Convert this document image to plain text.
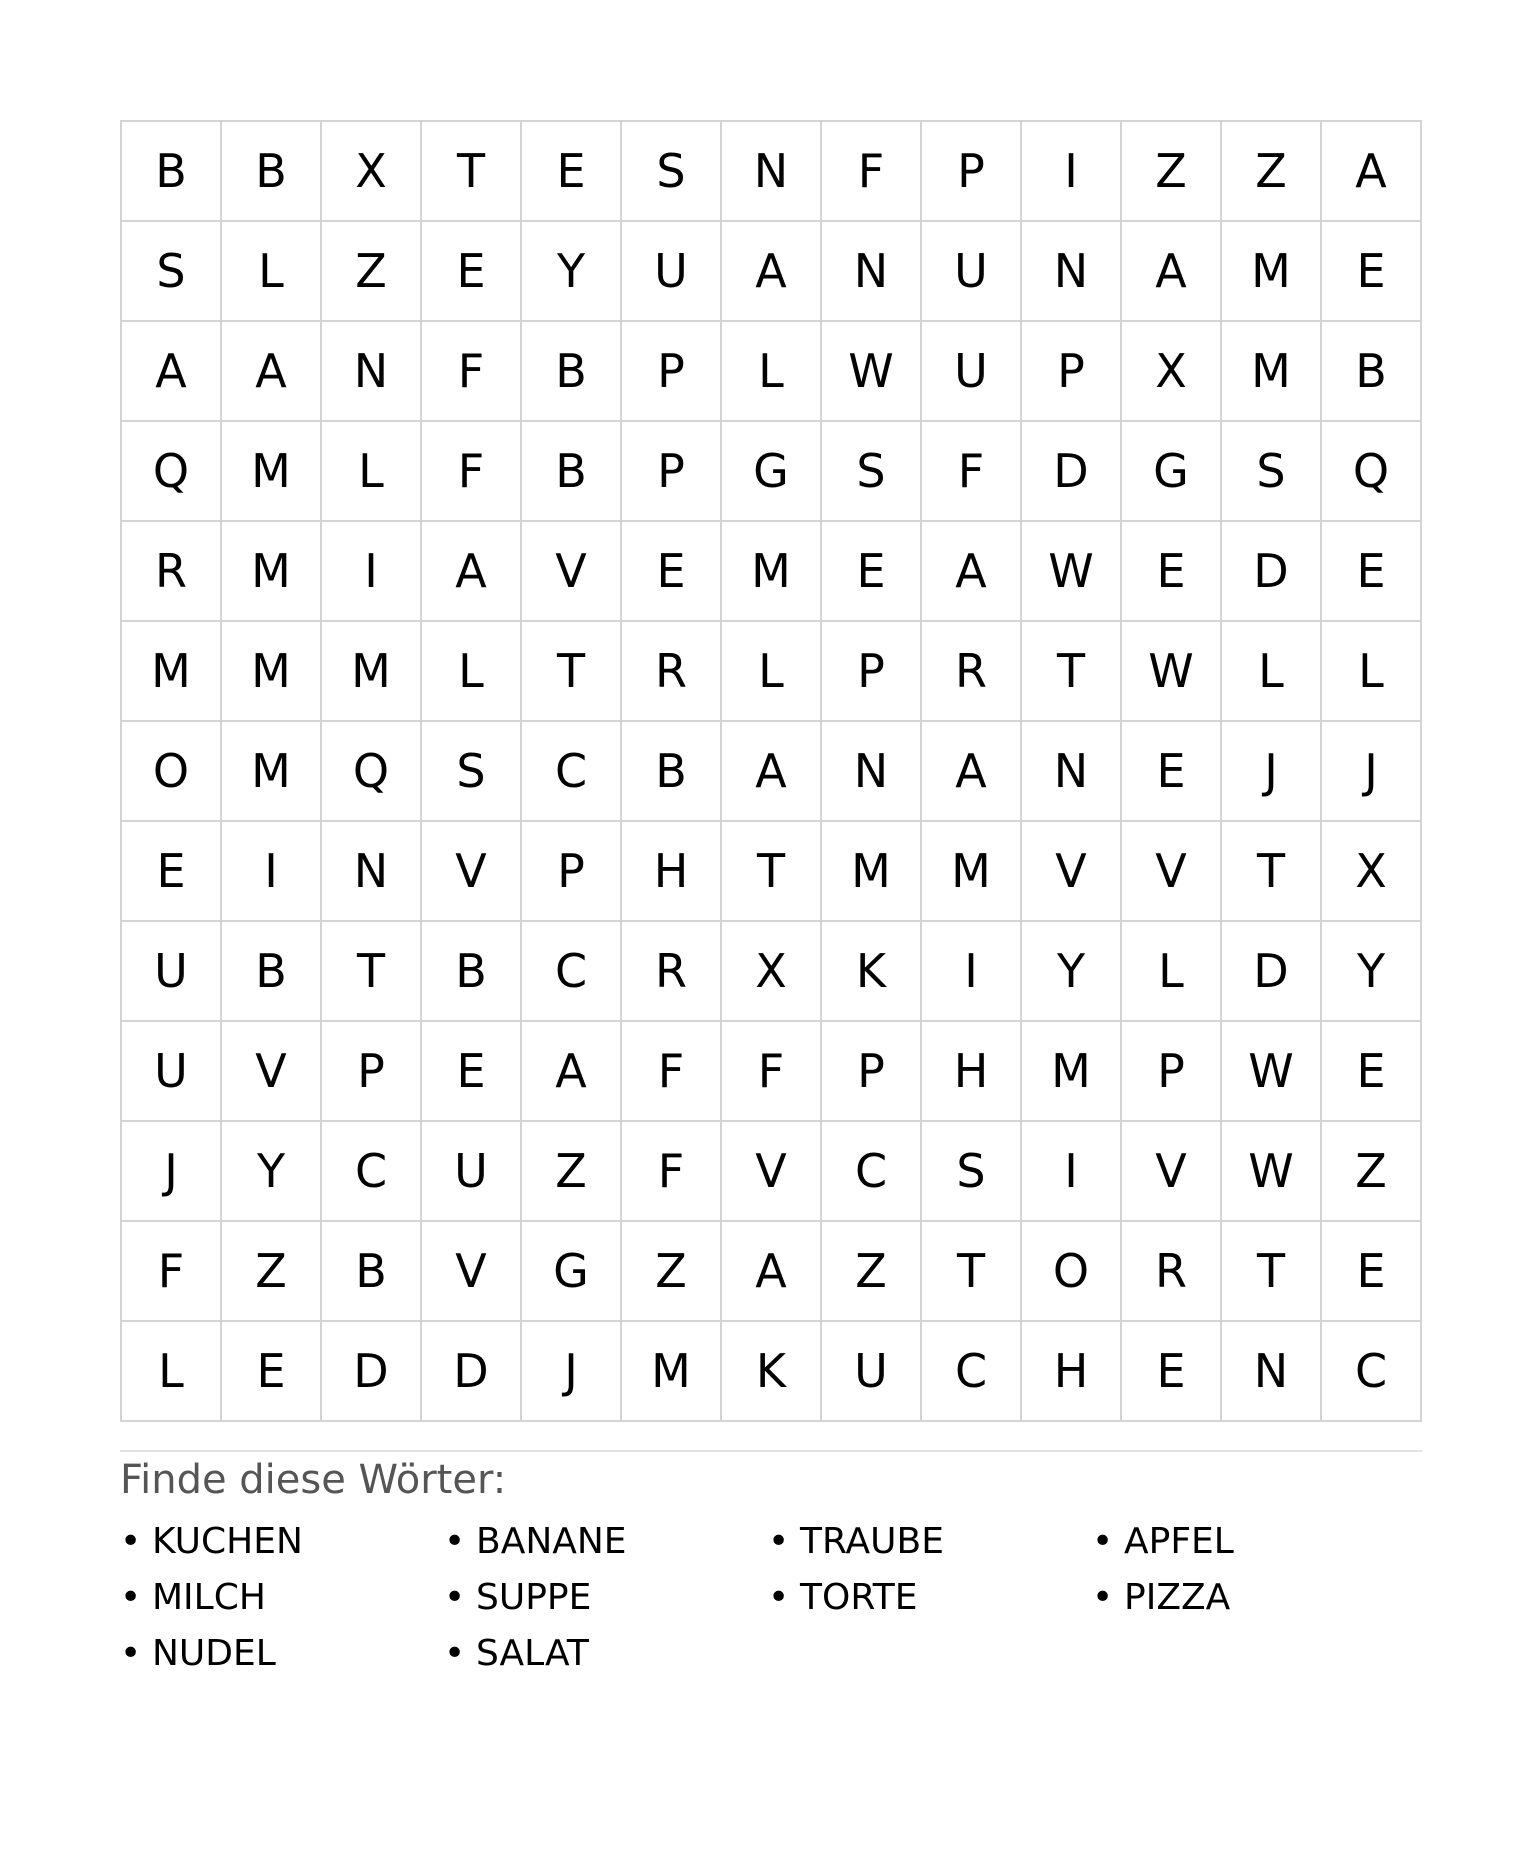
B	B	X	T	E	S	N	F	P	I	Z	Z	A
S	L	Z	E	Y	U	A	N	U	N	A	M	E
A	A	N	F	B	P	L	W	U	P	X	M	B
Q	M	L	F	B	P	G	S	F	D	G	S	Q
R	M	I	A	V	E	M	E	A	W	E	D	E
M	M	M	L	T	R	L	P	R	T	W	L	L
O	M	Q	S	C	B	A	N	A	N	E	J	J
E	I	N	V	P	H	T	M	M	V	V	T	X
U	B	T	B	C	R	X	K	I	Y	L	D	Y
U	V	P	E	A	F	F	P	H	M	P	W	E
J	Y	C	U	Z	F	V	C	S	I	V	W	Z
F	Z	B	V	G	Z	A	Z	T	O	R	T	E
L	E	D	D	J	M	K	U	C	H	E	N	C
Finde diese Wörter:
• KUCHEN	• BANANE	• TRAUBE	• APFEL
• MILCH	• SUPPE	• TORTE	• PIZZA
• NUDEL	• SALAT
